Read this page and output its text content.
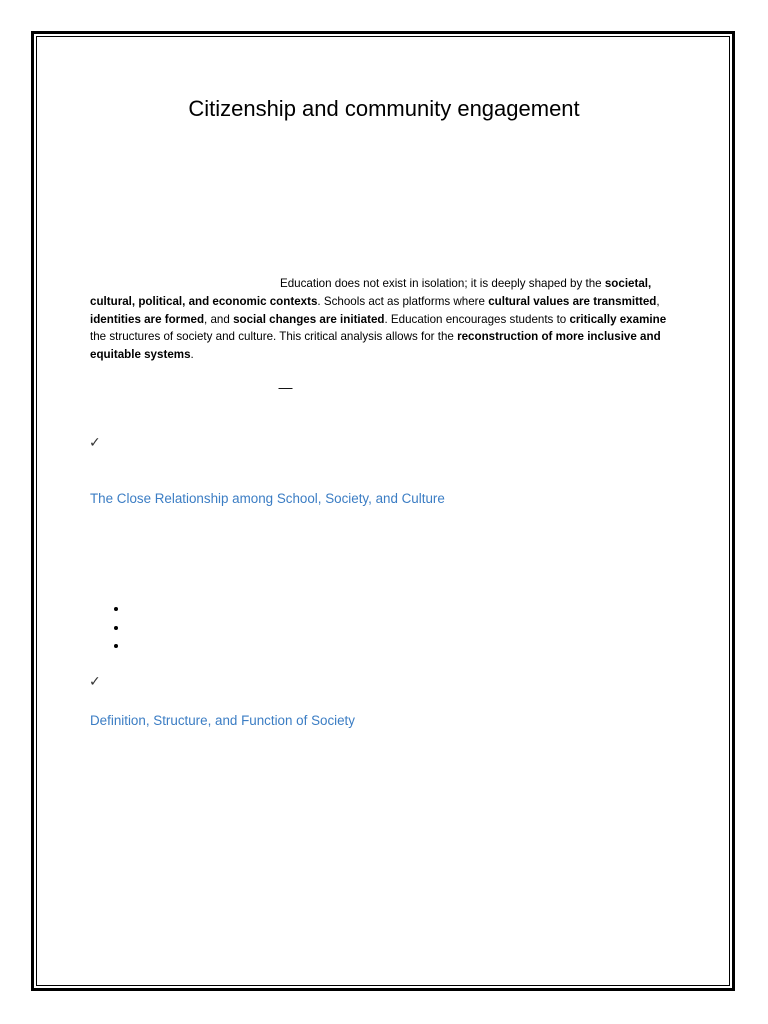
Citizenship and community engagement

Education does not exist in isolation; it is deeply shaped by the societal, cultural, political, and economic contexts. Schools act as platforms where cultural values are transmitted, identities are formed, and social changes are initiated. Education encourages students to critically examine the structures of society and culture. This critical analysis allows for the reconstruction of more inclusive and equitable systems.

—
✓
The Close Relationship among School, Society, and Culture
✓
Definition, Structure, and Function of Society
